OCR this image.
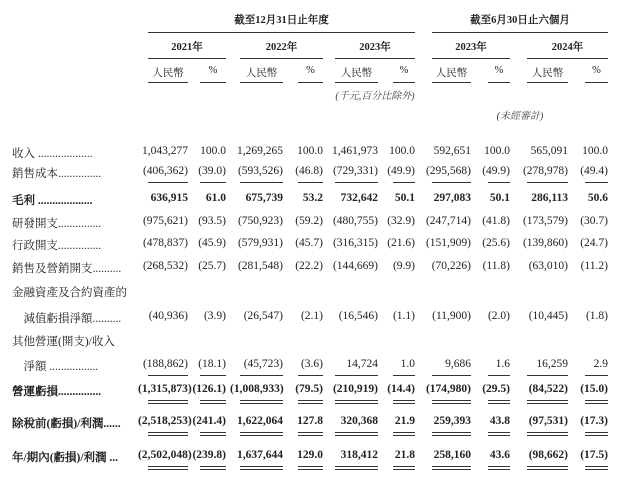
截至12月31日止年度	截至6月30日止六個月
(千元,百分比除外)
(未經審計)
2021年	2022年	2023年	2023年	2024年
人民幣	%	人民幣	%	人民幣	%	人民幣	%	人民幣	%
收入 ...................	1,043,277	100.0 1,269,265	100.0 1,461,973 100.0	592,651	100.0	565,091	100.0
銷售成本...............	(406,362) (39.0)	(593,526)	(46.8) (729,331) (49.9) (295,568) (49.9)	(278,978)	(49.4)
毛利 ...................	636,915	61.0	675,739	53.2	732,642	50.1	297,083	50.1	286,113	50.6
研發開支...............	(975,621) (93.5)	(750,923)	(59.2) (480,755) (32.9) (247,714) (41.8)	(173,579)	(30.7)
行政開支...............	(478,837) (45.9)	(579,931)	(45.7) (316,315) (21.6) (151,909) (25.6)	(139,860)	(24.7)
銷售及營銷開支..........	(268,532) (25.7)	(281,548)	(22.2) (144,669)	(9.9)	(70,226)	(11.8)	(63,010)	(11.2)
金融資產及合約資產的
　減值虧損淨額..........	(40,936)	(3.9)	(26,547)	(2.1)	(16,546)	(1.1)	(11,900)	(2.0)	(10,445)	(1.8)
其他營運(開支)/收入
　淨額 .................	(188,862) (18.1)	(45,723)	(3.6)	14,724	1.0	9,686	1.6	16,259	2.9
營運虧損...............	(1,315,873) (126.1) (1,008,933)	(79.5) (210,919) (14.4) (174,980) (29.5)	(84,522)	(15.0)
除稅前(虧損)/利潤...... (2,518,253) (241.4) 1,622,064	127.8	320,368	21.9	259,393	43.8	(97,531)	(17.3)
年/期內(虧損)/利潤 ... (2,502,048) (239.8) 1,637,644	129.0	318,412	21.8	258,160	43.6	(98,662)	(17.5)
